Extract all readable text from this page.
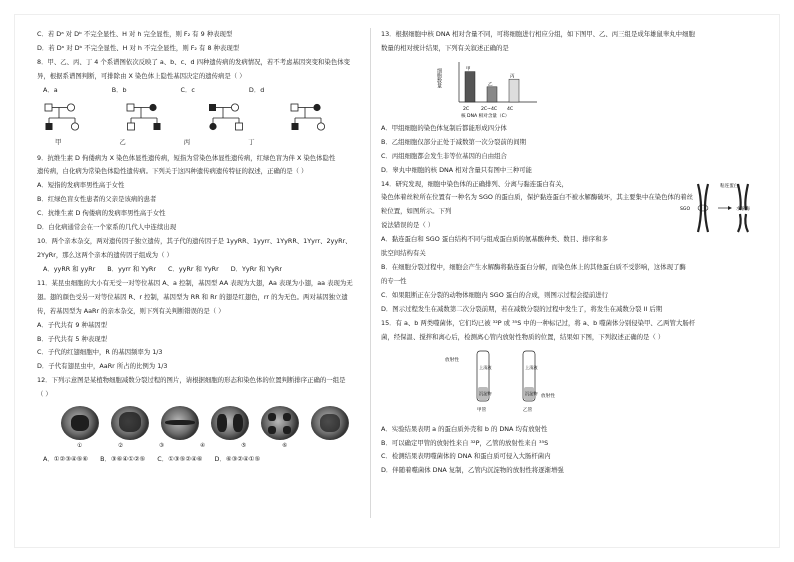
C．若 Dᵃ 对 Dᵇ 不完全显性、H 对 h 完全显性，则 F₂ 有 9 种表现型
D．若 Dᵃ 对 Dᵇ 不完全显性、H 对 h 不完全显性，则 F₂ 有 8 种表现型
8．甲、乙、丙、丁 4 个系谱图依次反映了 a、b、c、d 四种遗传病的发病情况，若不考虑基因突变和染色体变
异，根据系谱图判断，可排除由 X 染色体上隐性基因决定的遗传病是（ ）
A．a	B．b	C．c	D．d
甲	乙	丙	丁
9．抗维生素 D 佝偻病为 X 染色体显性遗传病，短指为常染色体显性遗传病，红绿色盲为伴 X 染色体隐性
遗传病，白化病为常染色体隐性遗传病。下列关于这四种遗传病遗传特征的叙述，正确的是（ ）
A．短指的发病率男性高于女性
B．红绿色盲女性患者的父亲是该病的患者
C．抗维生素 D 佝偻病的发病率男性高于女性
D．白化病通常会在一个家系的几代人中连续出现
10．两个亲本杂交，两对遗传因子独立遗传，其子代的遗传因子是 1yyRR、1yyrr、1YyRR、1Yyrr、2yyRr、
2YyRr，那么这两个亲本的遗传因子组成为（ ）
A．yyRR 和 yyRr B．yyrr 和 YyRr C．yyRr 和 YyRr D．YyRr 和 YyRr
11．某昆虫细胞的大小有无受一对等位基因 A、a 控制，基因型 AA 表现为大翅，Aa 表现为小翅，aa 表现为无
翅。翅的颜色受另一对等位基因 R、r 控制，基因型为 RR 和 Rr 的翅是红翅色，rr 的为无色。两对基因独立遗
传，若基因型为 AaRr 的亲本杂交，则下列有关判断错误的是（ ）
A．子代共有 9 种基因型
B．子代共有 5 种表现型
C．子代的红翅细胞中，R 的基因频率为 1/3
D．子代有翅昆虫中，AaRr 所占的比例为 1/3
12．下列示意图是某植物细胞减数分裂过程的图片，请根据细胞的形态和染色体的位置判断排序正确的一组是
（ ）
①	②	③	④	⑤	⑥
A．①②③④⑤⑥ B．③⑥④①②⑤ C．①③⑤②④⑥ D．⑥③②④①⑤
13．根据细胞中核 DNA 相对含量不同，可将细胞进行相应分组，如下图甲、乙、丙三组是成年雄鼠睾丸中细胞
数量的相对统计结果，下列有关叙述正确的是
细胞数量	甲
乙
丙
2C	2C~4C 4C
核 DNA 相对含量（C）
A．甲组细胞的染色体复制后都能形成四分体
B．乙组细胞仅部分正处于减数第一次分裂前的间期
C．丙组细胞都会发生非等位基因的自由组合
D．睾丸中细胞的核 DNA 相对含量只有图中三种可能
14．研究发现，细胞中染色体的正确排列、分离与黏连蛋白有关，
染色体着丝粒所在位置有一种名为 SGO 的蛋白质，保护黏连蛋白不被水解酶破坏，其主要集中在染色体的着丝
粒位置，如图所示。下列
说法错误的是（ ）
SGO
粘连蛋白
水解酶
A．黏连蛋白和 SGO 蛋白结构不同与组成蛋白质的氨基酸种类、数目、排序和多
肽空间结构有关
B．在细胞分裂过程中，细胞会产生水解酶将黏连蛋白分解，而染色体上的其他蛋白质不受影响，这体现了酶
的专一性
C．如果阻断正在分裂的动物体细胞内 SGO 蛋白的合成，则图示过程会提前进行
D．图示过程发生在减数第二次分裂前期，若在减数分裂的过程中发生了，将发生在减数分裂 II 后期
15．有 a、b 两类噬菌体，它们均已被 ³²P 或 ³⁵S 中的一种标记过，将 a、b 噬菌体分别侵染甲、乙两管大肠杆
菌，经保温、搅拌和离心后，检测离心管内放射性物质的位置，结果如下图，下列叙述正确的是（ ）
放射性
上清液
沉淀物
放射性
上清液
沉淀物
甲管	乙管
A．实验结果表明 a 的蛋白质外壳和 b 的 DNA 均有放射性
B．可以确定甲管的放射性来自 ³²P，乙管的放射性来自 ³⁵S
C．检测结果表明噬菌体的 DNA 和蛋白质可侵入大肠杆菌内
D．伴随着噬菌体 DNA 复制，乙管内沉淀物的放射性将逐渐增强
